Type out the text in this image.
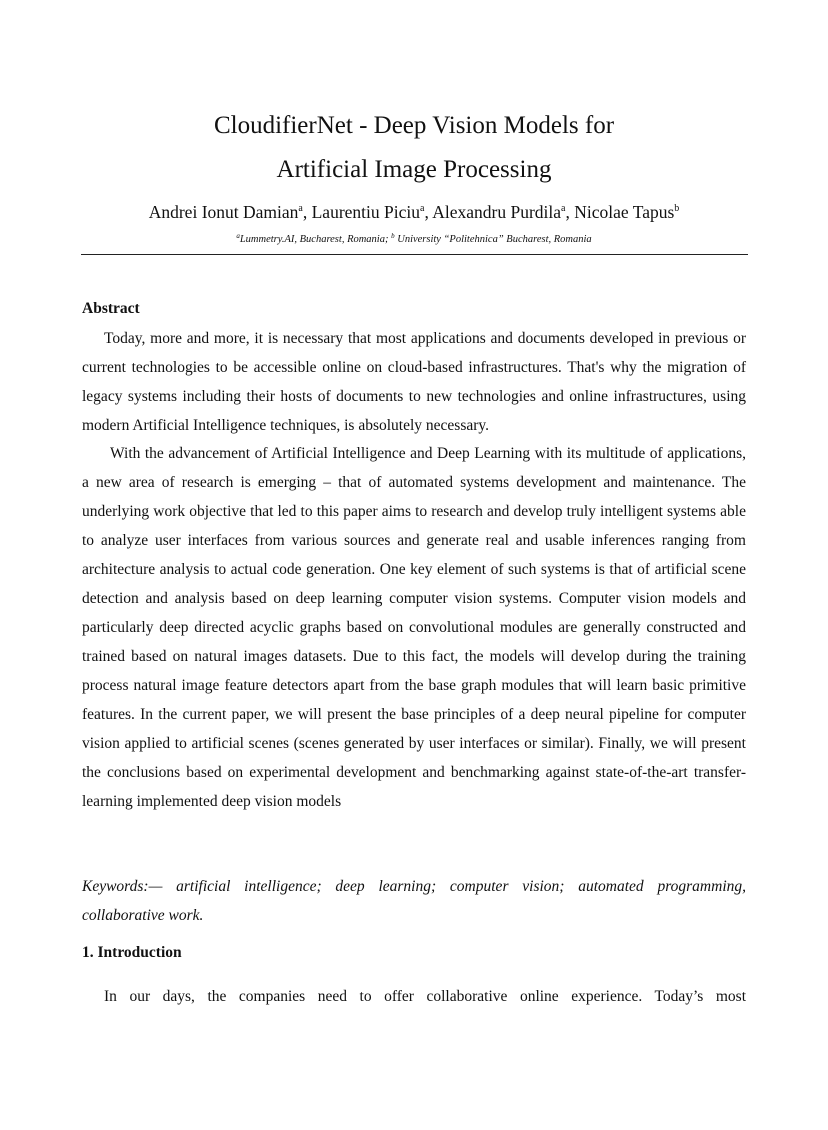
CloudifierNet - Deep Vision Models for
Artificial Image Processing
Andrei Ionut Damian$^a$, Laurentiu Piciu$^a$, Alexandru Purdila$^a$, Nicolae Tapus$^b$
$^a$Lummetry.AI, Bucharest, Romania; $^b$ University “Politehnica” Bucharest, Romania
Abstract

Today, more and more, it is necessary that most applications and documents developed in previous or current technologies to be accessible online on cloud-based infrastructures. That's why the migration of legacy systems including their hosts of documents to new technologies and online infrastructures, using modern Artificial Intelligence techniques, is absolutely necessary.

With the advancement of Artificial Intelligence and Deep Learning with its multitude of applications, a new area of research is emerging – that of automated systems development and maintenance. The underlying work objective that led to this paper aims to research and develop truly intelligent systems able to analyze user interfaces from various sources and generate real and usable inferences ranging from architecture analysis to actual code generation. One key element of such systems is that of artificial scene detection and analysis based on deep learning computer vision systems. Computer vision models and particularly deep directed acyclic graphs based on convolutional modules are generally constructed and trained based on natural images datasets. Due to this fact, the models will develop during the training process natural image feature detectors apart from the base graph modules that will learn basic primitive features. In the current paper, we will present the base principles of a deep neural pipeline for computer vision applied to artificial scenes (scenes generated by user interfaces or similar). Finally, we will present the conclusions based on experimental development and benchmarking against state-of-the-art transfer-learning implemented deep vision models

Keywords:— artificial intelligence; deep learning; computer vision; automated programming, collaborative work.
1. Introduction
In our days, the companies need to offer collaborative online experience. Today’s most
